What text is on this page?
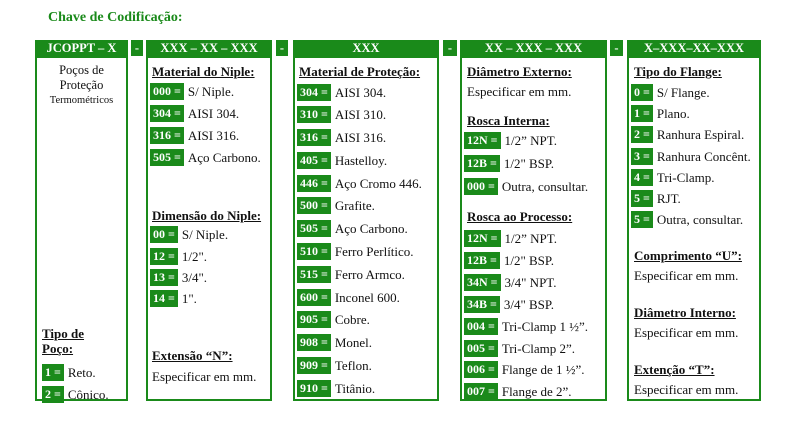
Chave de Codificação:
JCOPPT – X	-	XXX – XX – XXX	-	XXX	-	XX – XXX – XXX	-	X–XXX–XX–XXX
Poços de
Proteção
Termométricos
Tipo de
Poço:
1 = Reto.
2 = Cônico.
Material do Niple:
000 = S/ Niple.
304 = AISI 304.
316 = AISI 316.
505 = Aço Carbono.
Dimensão do Niple:
00 = S/ Niple.
12 = 1/2".
13 = 3/4".
14 = 1".
Extensão “N”:
Especificar em mm.
Material de Proteção:
304 = AISI 304.
310 = AISI 310.
316 = AISI 316.
405 = Hastelloy.
446 = Aço Cromo 446.
500 = Grafite.
505 = Aço Carbono.
510 = Ferro Perlítico.
515 = Ferro Armco.
600 = Inconel 600.
905 = Cobre.
908 = Monel.
909 = Teflon.
910 = Titânio.
Diâmetro Externo:
Especificar em mm.
Rosca Interna:
12N = 1/2” NPT.
12B = 1/2" BSP.
000 = Outra, consultar.
Rosca ao Processo:
12N = 1/2” NPT.
12B = 1/2" BSP.
34N = 3/4" NPT.
34B = 3/4" BSP.
004 = Tri-Clamp 1 ½”.
005 = Tri-Clamp 2”.
006 = Flange de 1 ½”.
007 = Flange de 2”.
Tipo do Flange:
0 = S/ Flange.
1 = Plano.
2 = Ranhura Espiral.
3 = Ranhura Concênt.
4 = Tri-Clamp.
5 = RJT.
5 = Outra, consultar.
Comprimento “U”:
Especificar em mm.
Diâmetro Interno:
Especificar em mm.
Extenção “T”:
Especificar em mm.
